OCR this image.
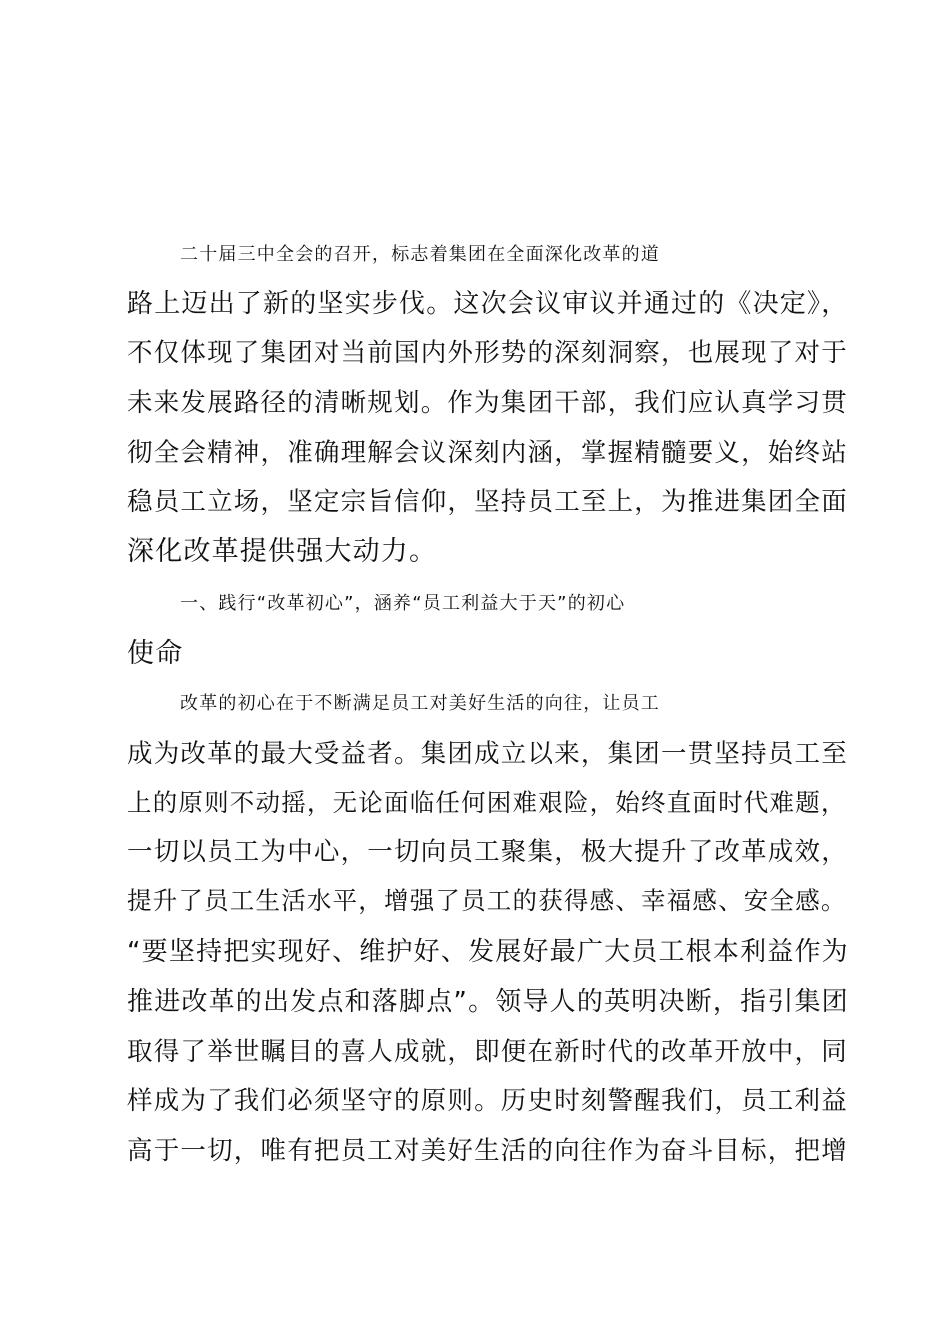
二十届三中全会的召开，标志着集团在全面深化改革的道
路上迈出了新的坚实步伐。这次会议审议并通过的《决定》，
不仅体现了集团对当前国内外形势的深刻洞察，也展现了对于
未来发展路径的清晰规划。作为集团干部，我们应认真学习贯
彻全会精神，准确理解会议深刻内涵，掌握精髓要义，始终站
稳员工立场，坚定宗旨信仰，坚持员工至上，为推进集团全面
深化改革提供强大动力。
一、践行“改革初心”，涵养“员工利益大于天”的初心
使命
改革的初心在于不断满足员工对美好生活的向往，让员工
成为改革的最大受益者。集团成立以来，集团一贯坚持员工至
上的原则不动摇，无论面临任何困难艰险，始终直面时代难题，
一切以员工为中心，一切向员工聚集，极大提升了改革成效，
提升了员工生活水平，增强了员工的获得感、幸福感、安全感。
“要坚持把实现好、维护好、发展好最广大员工根本利益作为
推进改革的出发点和落脚点”。领导人的英明决断，指引集团
取得了举世瞩目的喜人成就，即便在新时代的改革开放中，同
样成为了我们必须坚守的原则。历史时刻警醒我们，员工利益
高于一切，唯有把员工对美好生活的向往作为奋斗目标，把增
